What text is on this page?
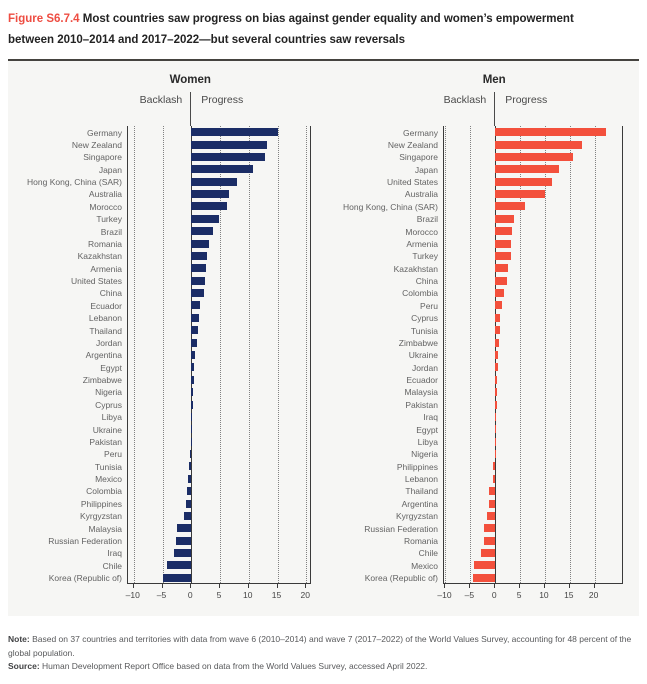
Figure S6.7.4 Most countries saw progress on bias against gender equality and women’s empowerment between 2010–2014 and 2017–2022—but several countries saw reversals
Women
Backlash Progress
–10	–5	0	5	10	15	20
Germany
New Zealand
Singapore
Japan
Hong Kong, China (SAR)
Australia
Morocco
Turkey
Brazil
Romania
Kazakhstan
Armenia
United States
China
Ecuador
Lebanon
Thailand
Jordan
Argentina
Egypt
Zimbabwe
Nigeria
Cyprus
Libya
Ukraine
Pakistan
Peru
Tunisia
Mexico
Colombia
Philippines
Kyrgyzstan
Malaysia
Russian Federation
Iraq
Chile
Korea (Republic of)
Men
Backlash Progress
–10	–5	0	5	10	15	20
Germany
New Zealand
Singapore
Japan
United States
Australia
Hong Kong, China (SAR)
Brazil
Morocco
Armenia
Turkey
Kazakhstan
China
Colombia
Peru
Cyprus
Tunisia
Zimbabwe
Ukraine
Jordan
Ecuador
Malaysia
Pakistan
Iraq
Egypt
Libya
Nigeria
Philippines
Lebanon
Thailand
Argentina
Kyrgyzstan
Russian Federation
Romania
Chile
Mexico
Korea (Republic of)
Note: Based on 37 countries and territories with data from wave 6 (2010–2014) and wave 7 (2017–2022) of the World Values Survey, accounting for 48 percent of the global population.
Source: Human Development Report Office based on data from the World Values Survey, accessed April 2022.
